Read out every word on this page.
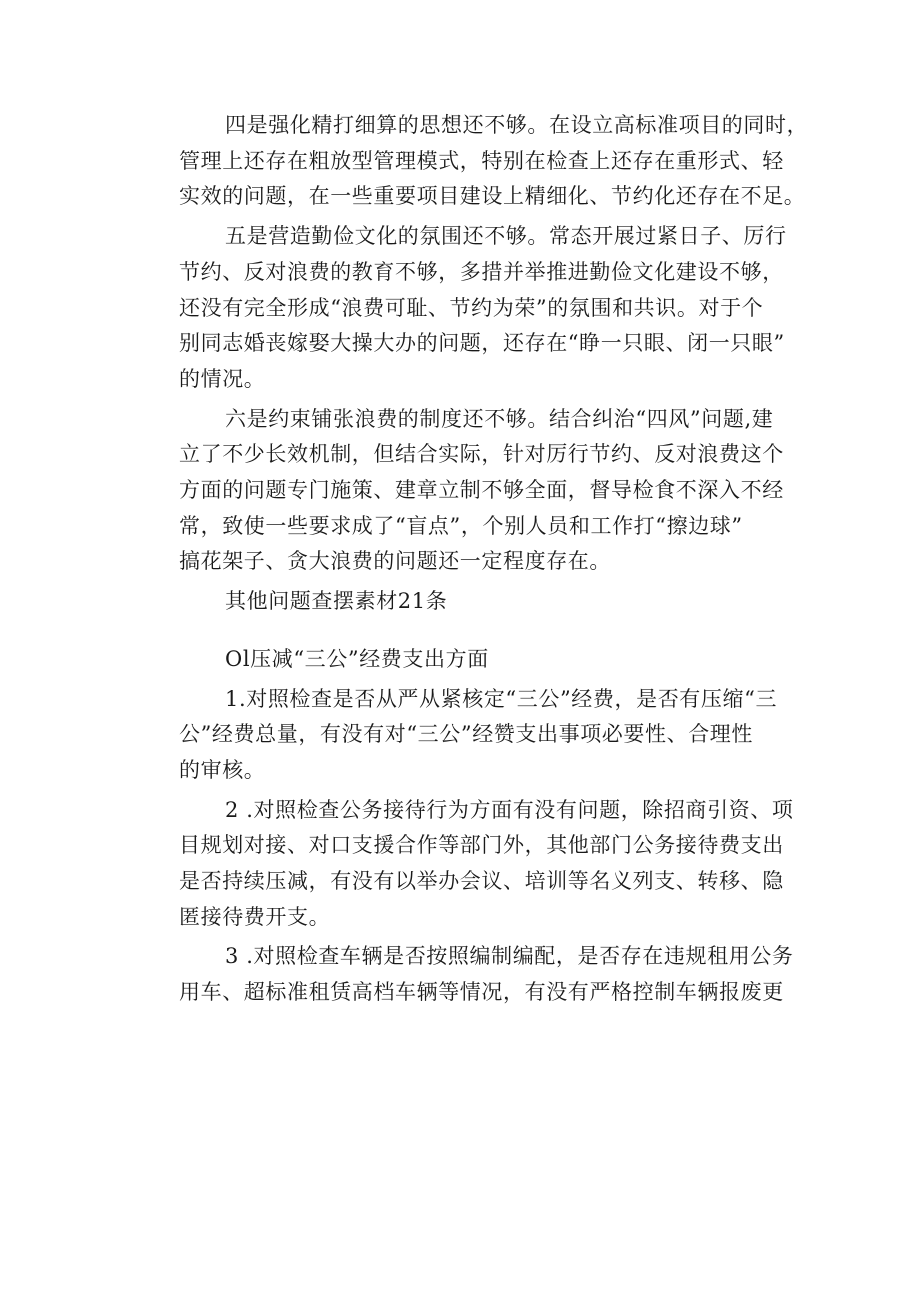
四是强化精打细算的思想还不够。在设立高标准项目的同时，
管理上还存在粗放型管理模式，特别在检查上还存在重形式、轻
实效的问题，在一些重要项目建设上精细化、节约化还存在不足。
五是营造勤俭文化的氛围还不够。常态开展过紧日子、厉行
节约、反对浪费的教育不够，多措并举推进勤俭文化建设不够，
还没有完全形成“浪费可耻、节约为荣”的氛围和共识。对于个
别同志婚丧嫁娶大操大办的问题，还存在“睁一只眼、闭一只眼”
的情况。
六是约束铺张浪费的制度还不够。结合纠治“四风”问题,建
立了不少长效机制，但结合实际，针对厉行节约、反对浪费这个
方面的问题专门施策、建章立制不够全面，督导检食不深入不经
常，致使一些要求成了“盲点”，个别人员和工作打“擦边球”
搞花架子、贪大浪费的问题还一定程度存在。
其他问题查摆素材21条
Ol压减“三公”经费支出方面
1.对照检查是否从严从紧核定“三公”经费，是否有压缩“三
公”经费总量，有没有对“三公”经赞支出事项必要性、合理性
的审核。
2 .对照检查公务接待行为方面有没有问题，除招商引资、项
目规划对接、对口支援合作等部门外，其他部门公务接待费支出
是否持续压减，有没有以举办会议、培训等名义列支、转移、隐
匿接待费开支。
3 .对照检查车辆是否按照编制编配，是否存在违规租用公务
用车、超标准租赁高档车辆等情况，有没有严格控制车辆报废更
